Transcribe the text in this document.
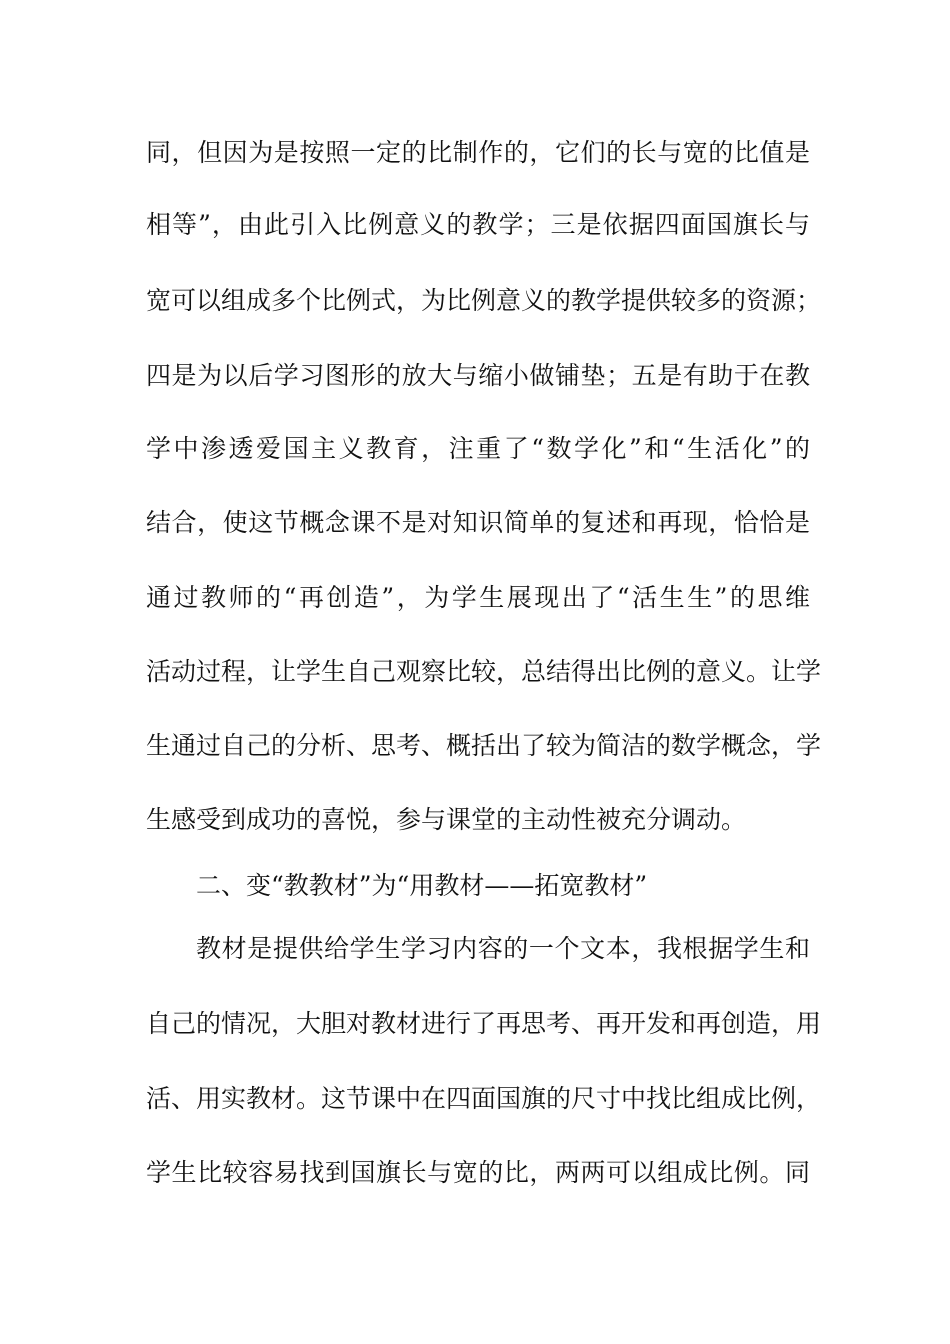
同，但因为是按照一定的比制作的，它们的长与宽的比值是
相等”，由此引入比例意义的教学；三是依据四面国旗长与
宽可以组成多个比例式，为比例意义的教学提供较多的资源；
四是为以后学习图形的放大与缩小做铺垫；五是有助于在教
学中渗透爱国主义教育，注重了“数学化”和“生活化”的
结合，使这节概念课不是对知识简单的复述和再现，恰恰是
通过教师的“再创造”，为学生展现出了“活生生”的思维
活动过程，让学生自己观察比较，总结得出比例的意义。让学
生通过自己的分析、思考、概括出了较为简洁的数学概念，学
生感受到成功的喜悦，参与课堂的主动性被充分调动。
二、变“教教材”为“用教材——拓宽教材”
教材是提供给学生学习内容的一个文本，我根据学生和
自己的情况，大胆对教材进行了再思考、再开发和再创造，用
活、用实教材。这节课中在四面国旗的尺寸中找比组成比例，
学生比较容易找到国旗长与宽的比，两两可以组成比例。同
